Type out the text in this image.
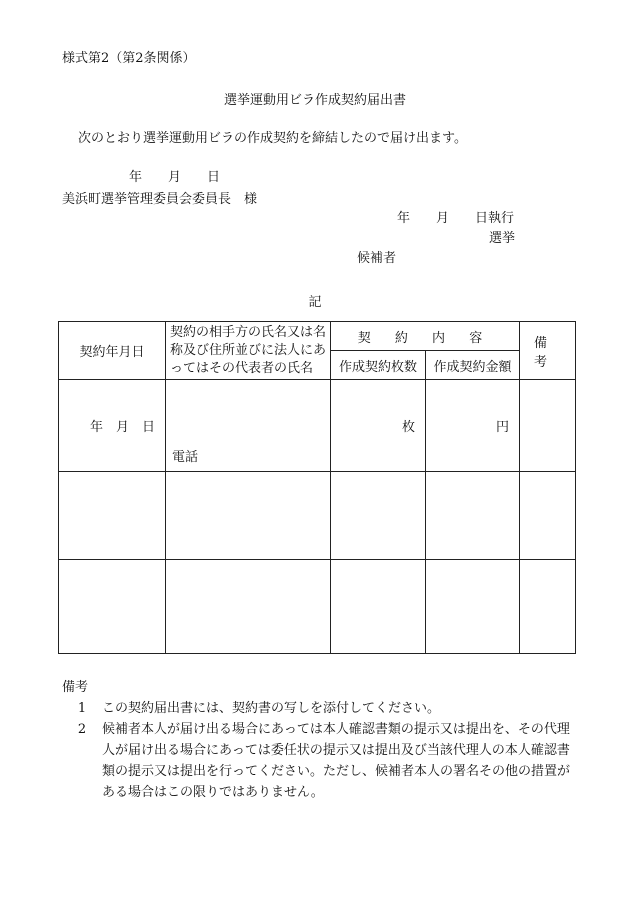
様式第2（第2条関係）
選挙運動用ビラ作成契約届出書
次のとおり選挙運動用ビラの作成契約を締結したので届け出ます。
年　　月　　日
美浜町選挙管理委員会委員長　様
年　　月　　日執行
選挙
候補者
記
契約年月日	契約の相手方の氏名又は名称及び住所並びに法人にあってはその代表者の氏名	契 約 内 容		備 考
		作成契約枚数	作成契約金額	
年　月　日	電話	枚	円	

備考
1	この契約届出書には、契約書の写しを添付してください。
2	候補者本人が届け出る場合にあっては本人確認書類の提示又は提出を、その代理人が届け出る場合にあっては委任状の提示又は提出及び当該代理人の本人確認書類の提示又は提出を行ってください。ただし、候補者本人の署名その他の措置がある場合はこの限りではありません。
